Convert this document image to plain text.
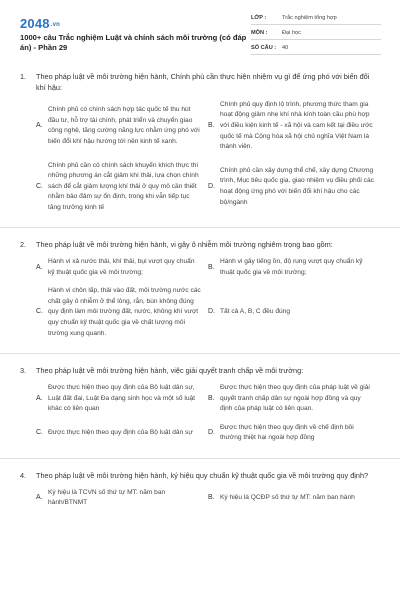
2048.vn
1000+ câu Trắc nghiệm Luật và chính sách môi trường (có đáp án) - Phần 29
LỚP :	Trắc nghiệm tổng hợp
MÔN :	Đại học
SỐ CÂU :	40
1.	Theo pháp luật về môi trường hiện hành, Chính phủ cần thực hiện nhiệm vụ gì để ứng phó với biến đổi khí hậu:
A.
Chính phủ có chính sách hợp tác quốc tế thu hút đầu tư, hỗ trợ tài chính, phát triển và chuyển giao công nghệ, tăng cường năng lực nhằm ứng phó với biến đổi khí hậu hướng tới nền kinh tế xanh.
B.
Chính phủ quy định lộ trình, phương thức tham gia hoạt động giảm nhẹ khí nhà kính toàn cầu phù hợp với điều kiện kinh tế - xã hội và cam kết tại điều ước quốc tế mà Cộng hòa xã hội chủ nghĩa Việt Nam là thành viên.
C.
Chính phủ cần có chính sách khuyến khích thực thi những phương án cắt giảm khí thải, lựa chọn chính sách để cắt giảm lượng khí thải ở quy mô cần thiết nhằm bảo đảm sự ổn định, trong khi vẫn tiếp tục tăng trưởng kinh tế
D.
Chính phủ cần xây dựng thể chế, xây dựng Chương trình, Mục tiêu quốc gia, giao nhiệm vụ điều phối các hoạt động ứng phó với biến đổi khí hậu cho các bộ/ngành
2.	Theo pháp luật về môi trường hiện hành, vi gây ô nhiễm môi trường nghiêm trọng bao gồm:
A.
Hành vi xả nước thải, khí thải, bụi vượt quy chuẩn kỹ thuật quốc gia về môi trường;
B.
Hành vi gây tiếng ồn, độ rung vượt quy chuẩn kỹ thuật quốc gia về môi trường;
C.
Hành vi chôn lấp, thải vào đất, môi trường nước các chất gây ô nhiễm ở thể lỏng, rắn, bùn không đúng quy định làm môi trường đất, nước, không khí vượt quy chuẩn kỹ thuật quốc gia về chất lượng môi trường xung quanh.
D. Tất cả A, B, C đều đúng
3.	Theo pháp luật về môi trường hiện hành, việc giải quyết tranh chấp về môi trường:
A.
Được thực hiện theo quy định của Bộ luật dân sự, Luật đất đai, Luật Đa dạng sinh học và một số luật khác có liên quan
B.
Được thực hiện theo quy định của pháp luật về giải quyết tranh chấp dân sự ngoài hợp đồng và quy định của pháp luật có liên quan.
C. Được thực hiện theo quy định của Bộ luật dân sự	D.
Được thực hiện theo quy định về chế định bồi thường thiệt hại ngoài hợp đồng
4.	Theo pháp luật về môi trường hiện hành, ký hiệu quy chuẩn kỹ thuật quốc gia về môi trường quy định?
A.
Ký hiệu là TCVN số thứ tự MT: năm ban hành/BTNMT
B. Ký hiệu là QCĐP số thứ tự MT: năm ban hành
